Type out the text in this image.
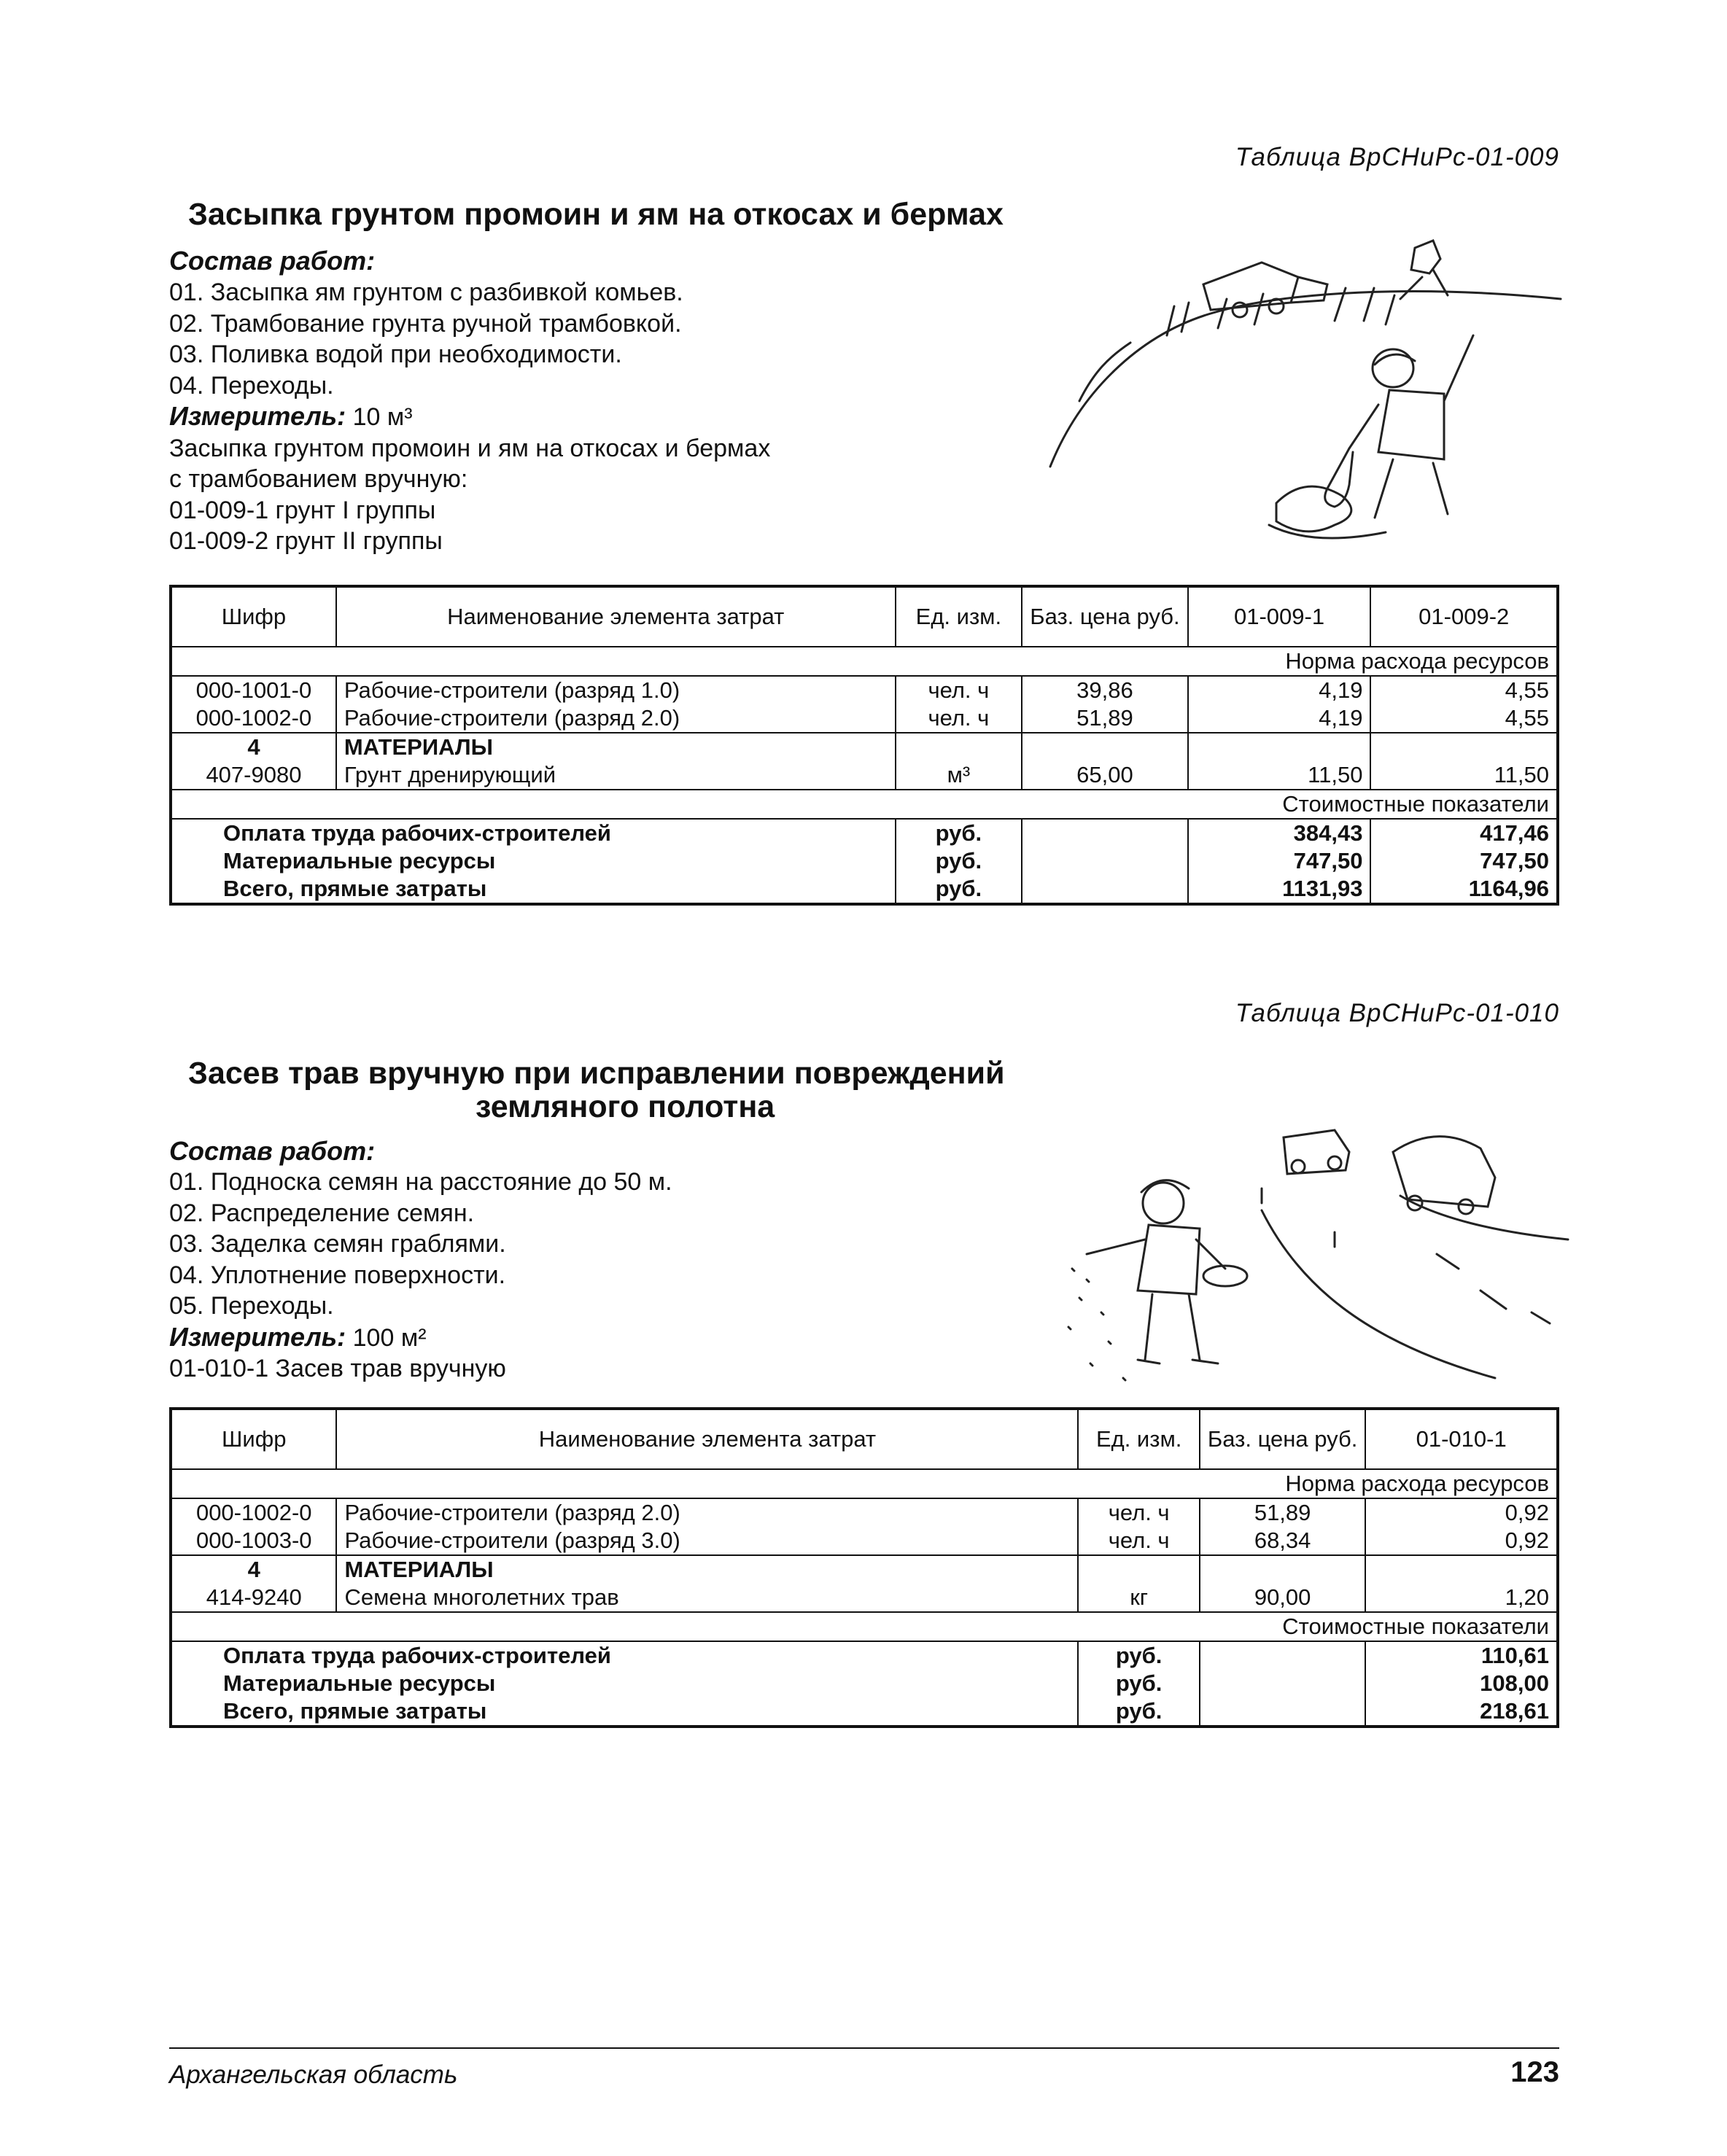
Таблица ВрСНиРс-01-009
Засыпка грунтом промоин и ям на откосах и бермах
Состав работ:
01. Засыпка ям грунтом с разбивкой комьев.
02. Трамбование грунта ручной трамбовкой.
03. Поливка водой при необходимости.
04. Переходы.
Измеритель: 10 м³
Засыпка грунтом промоин и ям на откосах и бермах
с трамбованием вручную:
01-009-1 грунт I группы
01-009-2 грунт II группы
Шифр	Наименование элемента затрат	Ед. изм.	Баз. цена руб.	01-009-1	01-009-2
Норма расхода ресурсов					
000-1001-0	Рабочие-строители (разряд 1.0)	чел. ч	39,86	4,19	4,55
000-1002-0	Рабочие-строители (разряд 2.0)	чел. ч	51,89	4,19	4,55
4	МАТЕРИАЛЫ				
407-9080	Грунт дренирующий	м³	65,00	11,50	11,50
Стоимостные показатели					
Оплата труда рабочих-строителей		руб.		384,43	417,46
Материальные ресурсы		руб.		747,50	747,50
Всего, прямые затраты		руб.		1131,93	1164,96
Таблица ВрСНиРс-01-010
Засев трав вручную при исправлении повреждений
земляного полотна
Состав работ:
01. Подноска семян на расстояние до 50 м.
02. Распределение семян.
03. Заделка семян граблями.
04. Уплотнение поверхности.
05. Переходы.
Измеритель: 100 м²
01-010-1 Засев трав вручную
Шифр	Наименование элемента затрат	Ед. изм.	Баз. цена руб.	01-010-1
Норма расхода ресурсов				
000-1002-0	Рабочие-строители (разряд 2.0)	чел. ч	51,89	0,92
000-1003-0	Рабочие-строители (разряд 3.0)	чел. ч	68,34	0,92
4	МАТЕРИАЛЫ			
414-9240	Семена многолетних трав	кг	90,00	1,20
Стоимостные показатели				
Оплата труда рабочих-строителей		руб.		110,61
Материальные ресурсы		руб.		108,00
Всего, прямые затраты		руб.		218,61
Архангельская область	123
